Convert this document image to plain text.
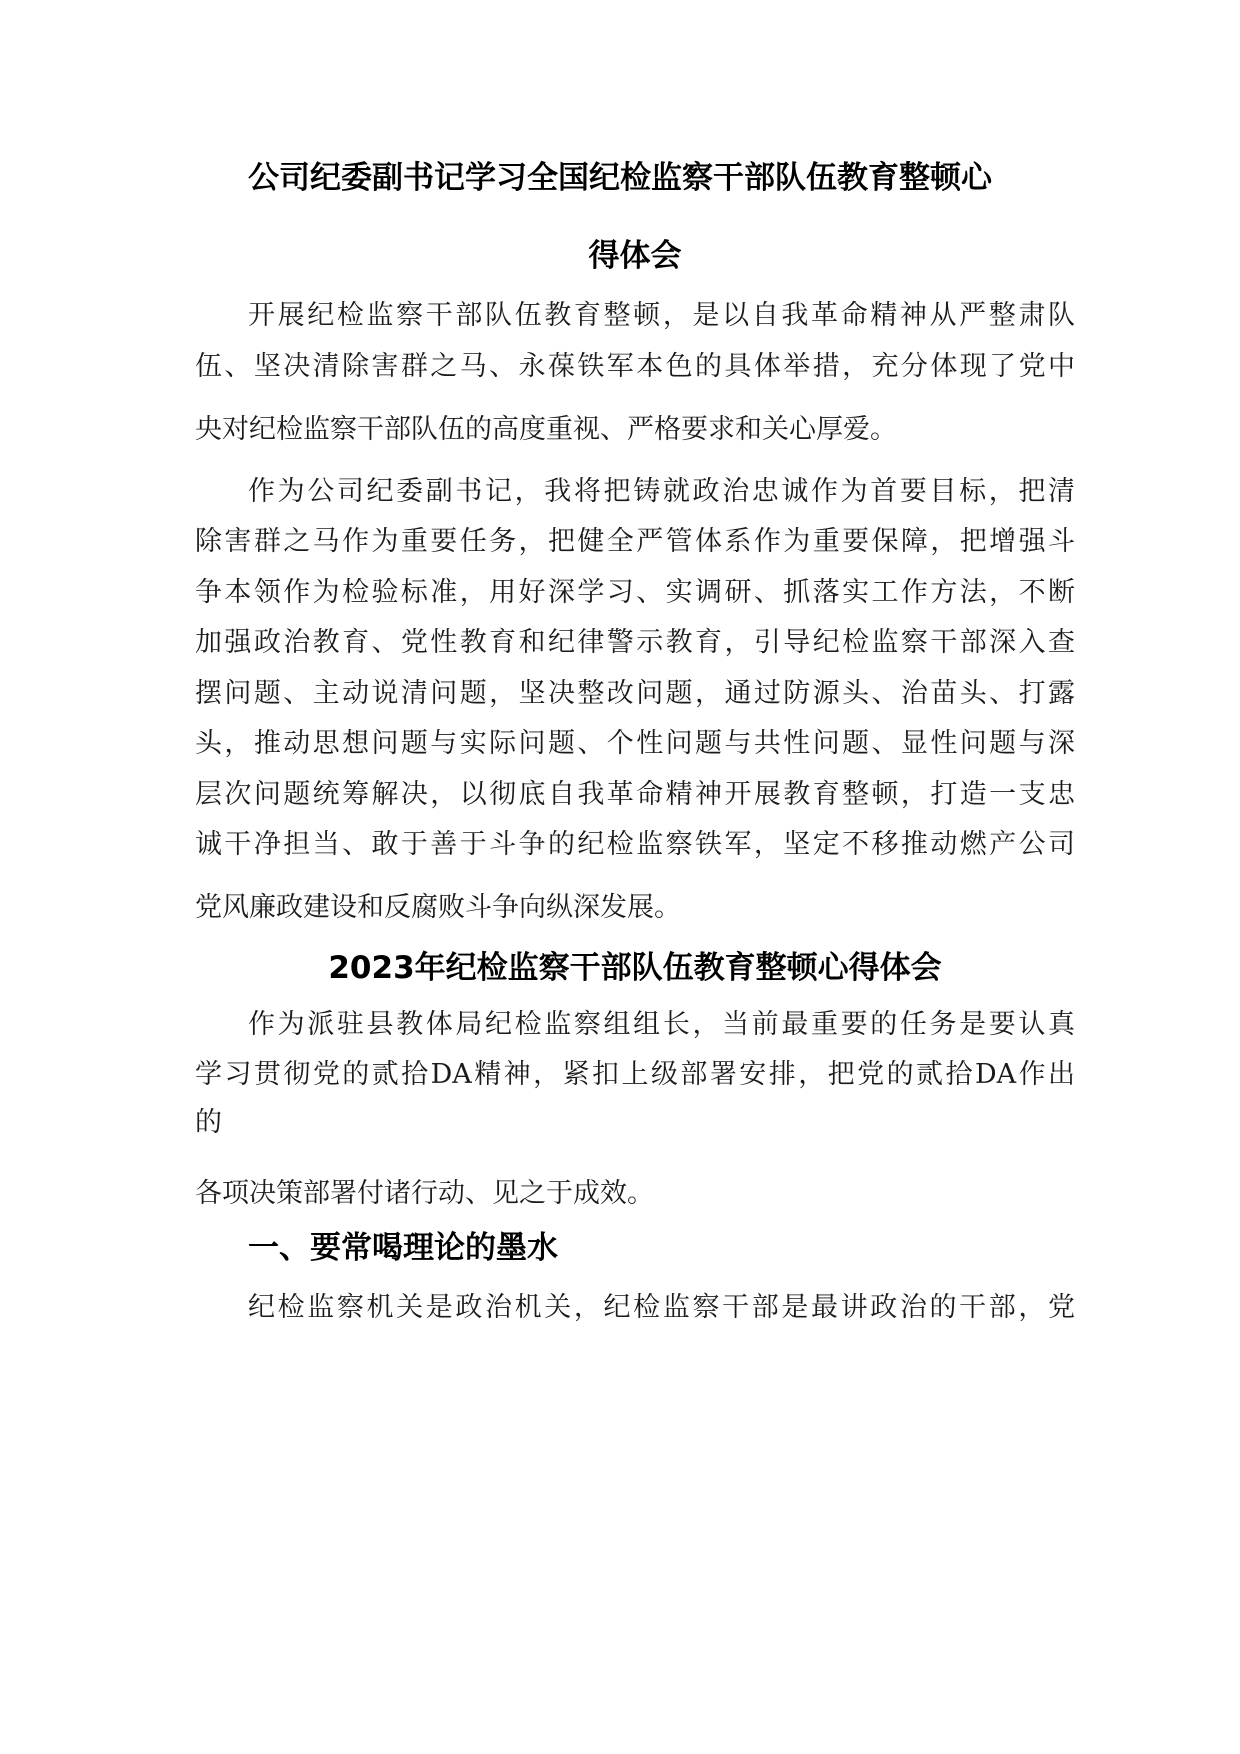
公司纪委副书记学习全国纪检监察干部队伍教育整顿心
得体会
开展纪检监察干部队伍教育整顿，是以自我革命精神从严整肃队
伍、坚决清除害群之马、永葆铁军本色的具体举措，充分体现了党中
央对纪检监察干部队伍的高度重视、严格要求和关心厚爱。
作为公司纪委副书记，我将把铸就政治忠诚作为首要目标，把清
除害群之马作为重要任务，把健全严管体系作为重要保障，把增强斗
争本领作为检验标准，用好深学习、实调研、抓落实工作方法，不断
加强政治教育、党性教育和纪律警示教育，引导纪检监察干部深入查
摆问题、主动说清问题，坚决整改问题，通过防源头、治苗头、打露
头，推动思想问题与实际问题、个性问题与共性问题、显性问题与深
层次问题统筹解决，以彻底自我革命精神开展教育整顿，打造一支忠
诚干净担当、敢于善于斗争的纪检监察铁军，坚定不移推动燃产公司
党风廉政建设和反腐败斗争向纵深发展。
2023年纪检监察干部队伍教育整顿心得体会
作为派驻县教体局纪检监察组组长，当前最重要的任务是要认真
学习贯彻党的贰拾DA精神，紧扣上级部署安排，把党的贰拾DA作出
的
各项决策部署付诸行动、见之于成效。
一、要常喝理论的墨水
纪检监察机关是政治机关，纪检监察干部是最讲政治的干部，党
